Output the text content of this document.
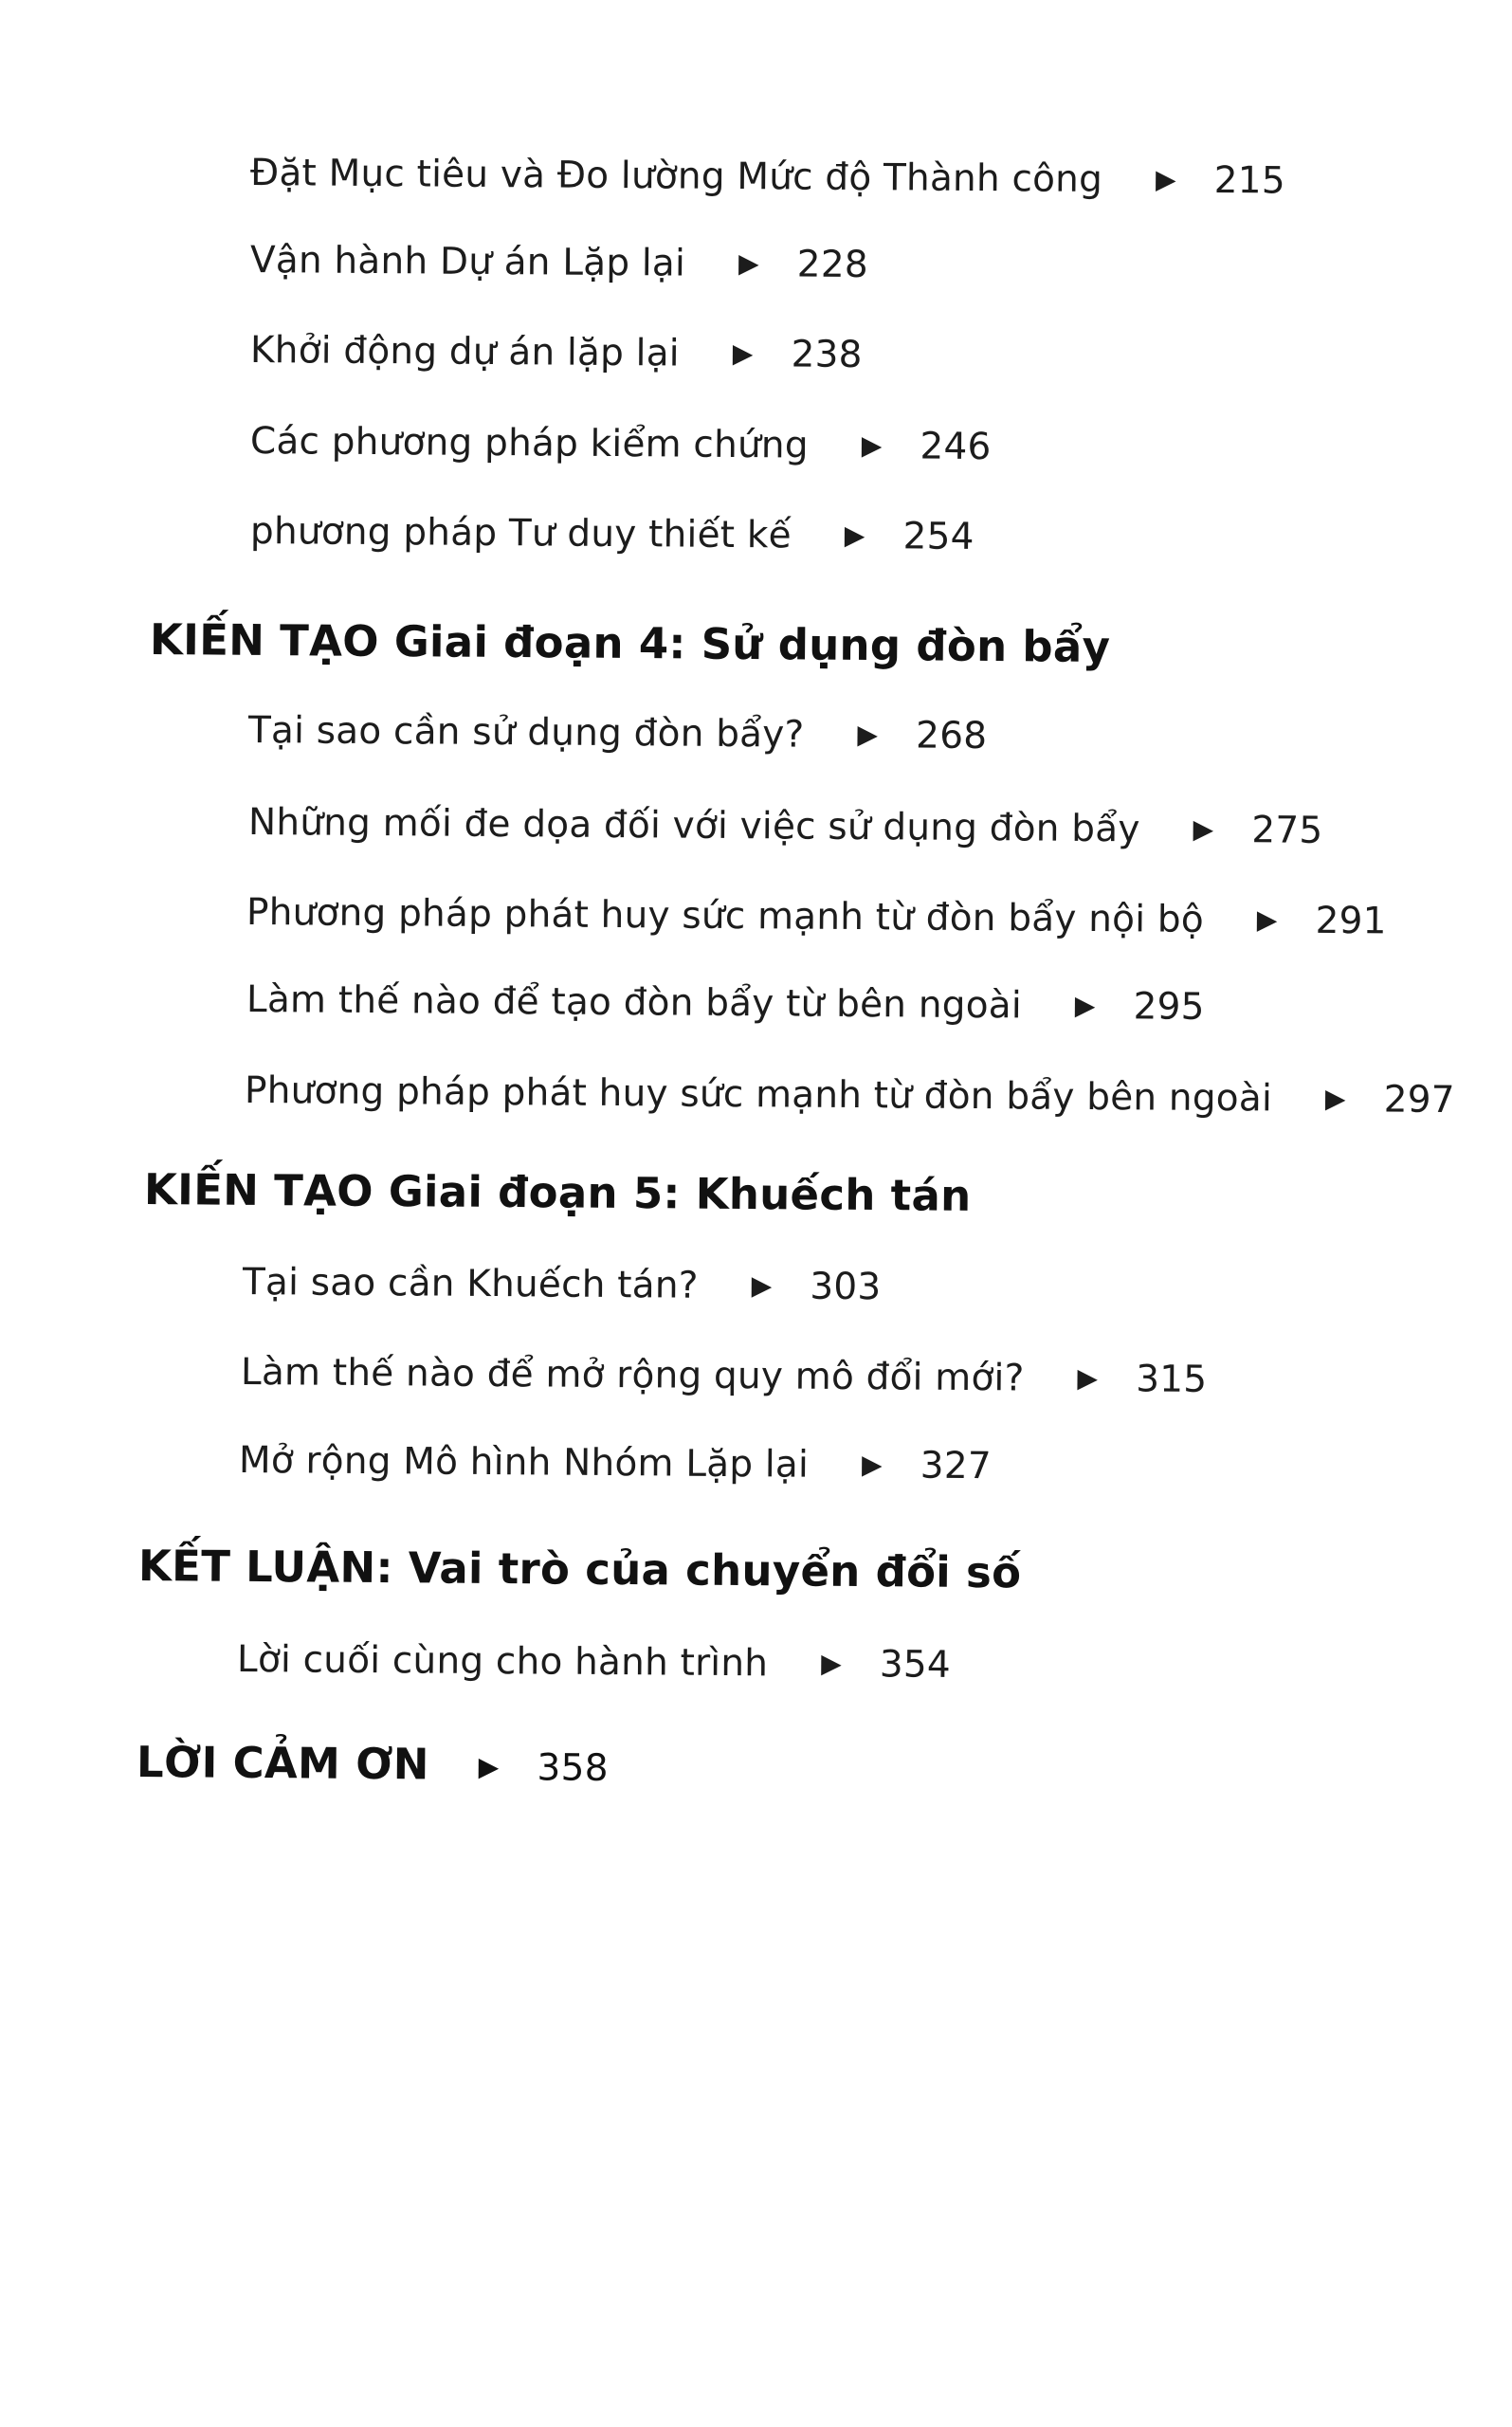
Đặt Mục tiêu và Đo lường Mức độ Thành công ▶ 215
Vận hành Dự án Lặp lại ▶ 228
Khởi động dự án lặp lại ▶ 238
Các phương pháp kiểm chứng ▶ 246
phương pháp Tư duy thiết kế ▶ 254
KIẾN TẠO Giai đoạn 4: Sử dụng đòn bẩy
Tại sao cần sử dụng đòn bẩy? ▶ 268
Những mối đe dọa đối với việc sử dụng đòn bẩy ▶ 275
Phương pháp phát huy sức mạnh từ đòn bẩy nội bộ ▶ 291
Làm thế nào để tạo đòn bẩy từ bên ngoài ▶ 295
Phương pháp phát huy sức mạnh từ đòn bẩy bên ngoài ▶ 297
KIẾN TẠO Giai đoạn 5: Khuếch tán
Tại sao cần Khuếch tán? ▶ 303
Làm thế nào để mở rộng quy mô đổi mới? ▶ 315
Mở rộng Mô hình Nhóm Lặp lại ▶ 327
KẾT LUẬN: Vai trò của chuyển đổi số
Lời cuối cùng cho hành trình ▶ 354
LỜI CẢM ƠN ▶ 358
